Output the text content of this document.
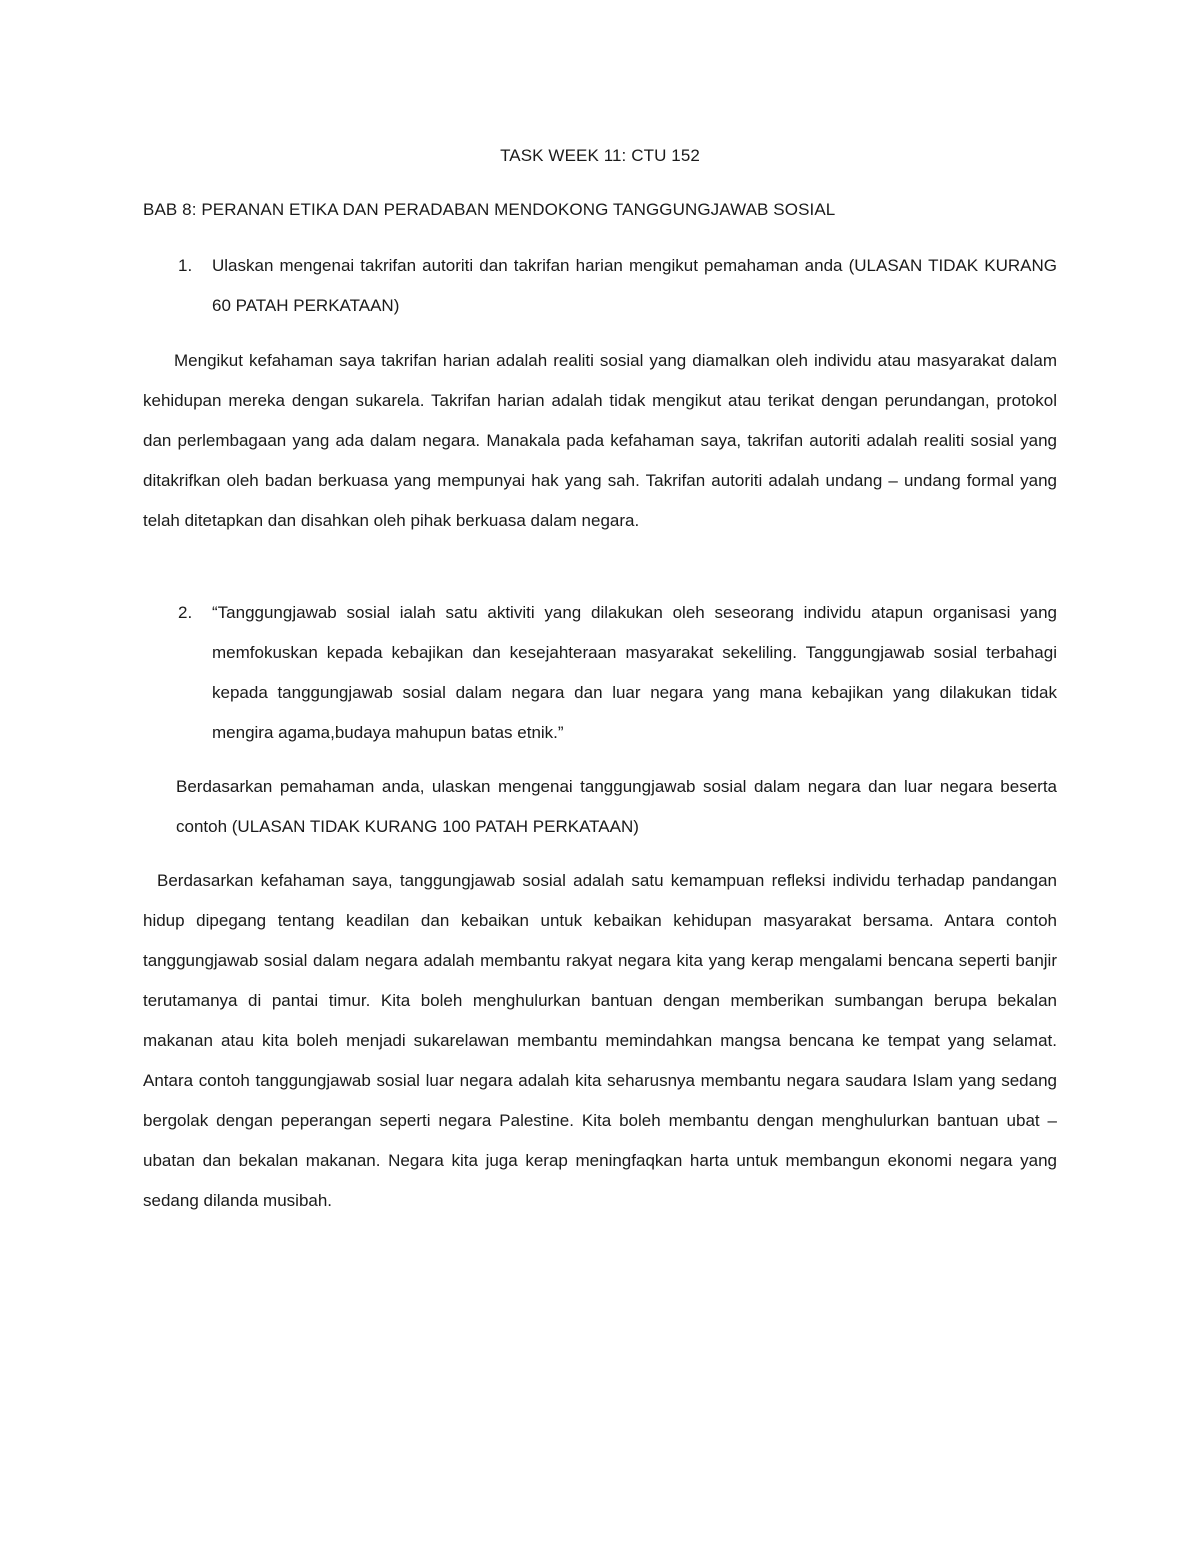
TASK WEEK 11: CTU 152
BAB 8: PERANAN ETIKA DAN PERADABAN MENDOKONG TANGGUNGJAWAB SOSIAL
1. Ulaskan mengenai takrifan autoriti dan takrifan harian mengikut pemahaman anda (ULASAN TIDAK KURANG 60 PATAH PERKATAAN)

Mengikut kefahaman saya takrifan harian adalah realiti sosial yang diamalkan oleh individu atau masyarakat dalam kehidupan mereka dengan sukarela. Takrifan harian adalah tidak mengikut atau terikat dengan perundangan, protokol dan perlembagaan yang ada dalam negara. Manakala pada kefahaman saya, takrifan autoriti adalah realiti sosial yang ditakrifkan oleh badan berkuasa yang mempunyai hak yang sah. Takrifan autoriti adalah undang – undang formal yang telah ditetapkan dan disahkan oleh pihak berkuasa dalam negara.

2. “Tanggungjawab sosial ialah satu aktiviti yang dilakukan oleh seseorang individu atapun organisasi yang memfokuskan kepada kebajikan dan kesejahteraan masyarakat sekeliling. Tanggungjawab sosial terbahagi kepada tanggungjawab sosial dalam negara dan luar negara yang mana kebajikan yang dilakukan tidak mengira agama,budaya mahupun batas etnik.”

Berdasarkan pemahaman anda, ulaskan mengenai tanggungjawab sosial dalam negara dan luar negara beserta contoh (ULASAN TIDAK KURANG 100 PATAH PERKATAAN)

Berdasarkan kefahaman saya, tanggungjawab sosial adalah satu kemampuan refleksi individu terhadap pandangan hidup dipegang tentang keadilan dan kebaikan untuk kebaikan kehidupan masyarakat bersama. Antara contoh tanggungjawab sosial dalam negara adalah membantu rakyat negara kita yang kerap mengalami bencana seperti banjir terutamanya di pantai timur. Kita boleh menghulurkan bantuan dengan memberikan sumbangan berupa bekalan makanan atau kita boleh menjadi sukarelawan membantu memindahkan mangsa bencana ke tempat yang selamat. Antara contoh tanggungjawab sosial luar negara adalah kita seharusnya membantu negara saudara Islam yang sedang bergolak dengan peperangan seperti negara Palestine. Kita boleh membantu dengan menghulurkan bantuan ubat – ubatan dan bekalan makanan. Negara kita juga kerap meningfaqkan harta untuk membangun ekonomi negara yang sedang dilanda musibah.
